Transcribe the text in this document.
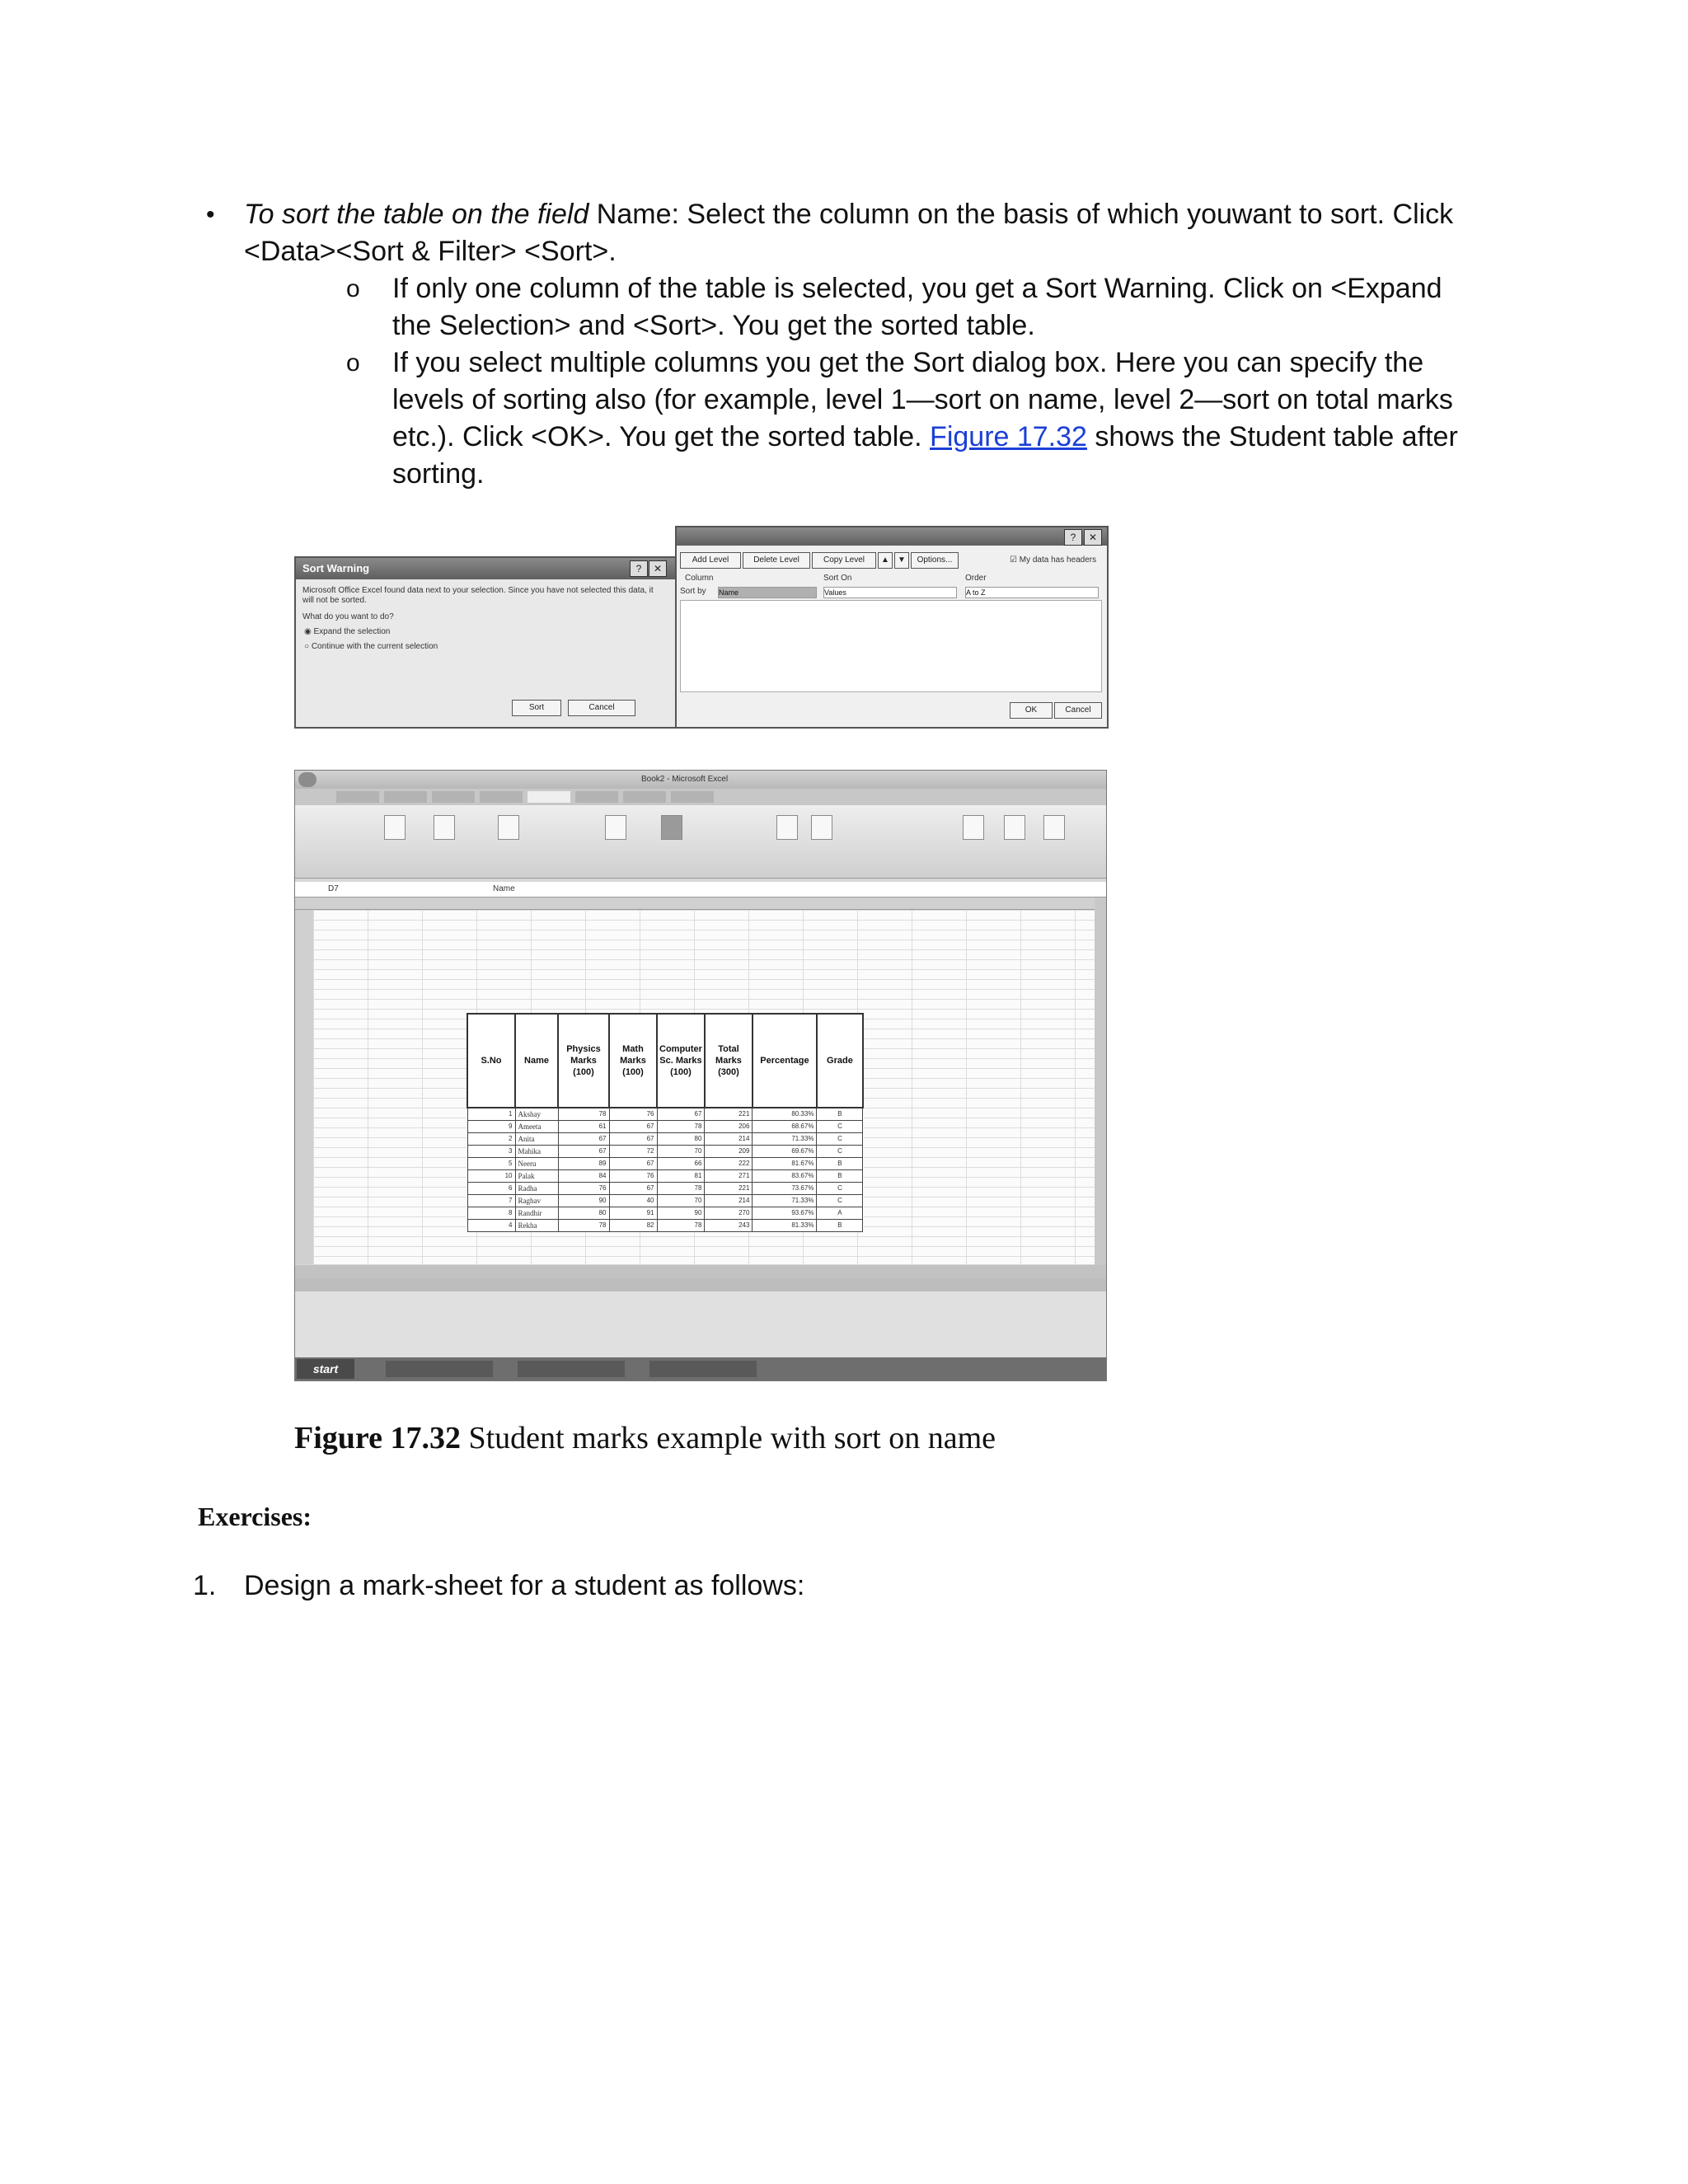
• To sort the table on the field Name: Select the column on the basis of which youwant to sort. Click <Data><Sort & Filter> <Sort>.
o If only one column of the table is selected, you get a Sort Warning. Click on <Expand the Selection> and <Sort>. You get the sorted table.
o If you select multiple columns you get the Sort dialog box. Here you can specify the levels of sorting also (for example, level 1—sort on name, level 2—sort on total marks etc.). Click <OK>. You get the sorted table. Figure 17.32 shows the Student table after sorting.
Sort Warning	?	✕
Microsoft Office Excel found data next to your selection. Since you have not selected this data, it will not be sorted.
What do you want to do?
◉ Expand the selection
○ Continue with the current selection
Sort	Cancel
?	✕
Add Level	Delete Level	Copy Level	▲	▼	Options...	☑ My data has headers
Column	Sort On	Order
Sort by Name	Values	A to Z
OK	Cancel
Book2 - Microsoft Excel
D7	Name
start
S.No	Name	Physics Marks (100)	Math Marks (100)	Computer Sc. Marks (100)	Total Marks (300)	Percentage	Grade
1	Akshay	78	76	67	221	80.33%	B
9	Ameeta	61	67	78	206	68.67%	C
2	Anita	67	67	80	214	71.33%	C
3	Mahika	67	72	70	209	69.67%	C
5	Neeru	89	67	66	222	81.67%	B
10	Palak	84	76	81	271	83.67%	B
6	Radha	76	67	78	221	73.67%	C
7	Raghav	90	40	70	214	71.33%	C
8	Randhir	80	91	90	270	93.67%	A
4	Rekha	78	82	78	243	81.33%	B
Figure 17.32 Student marks example with sort on name
Exercises:
1. Design a mark-sheet for a student as follows:
